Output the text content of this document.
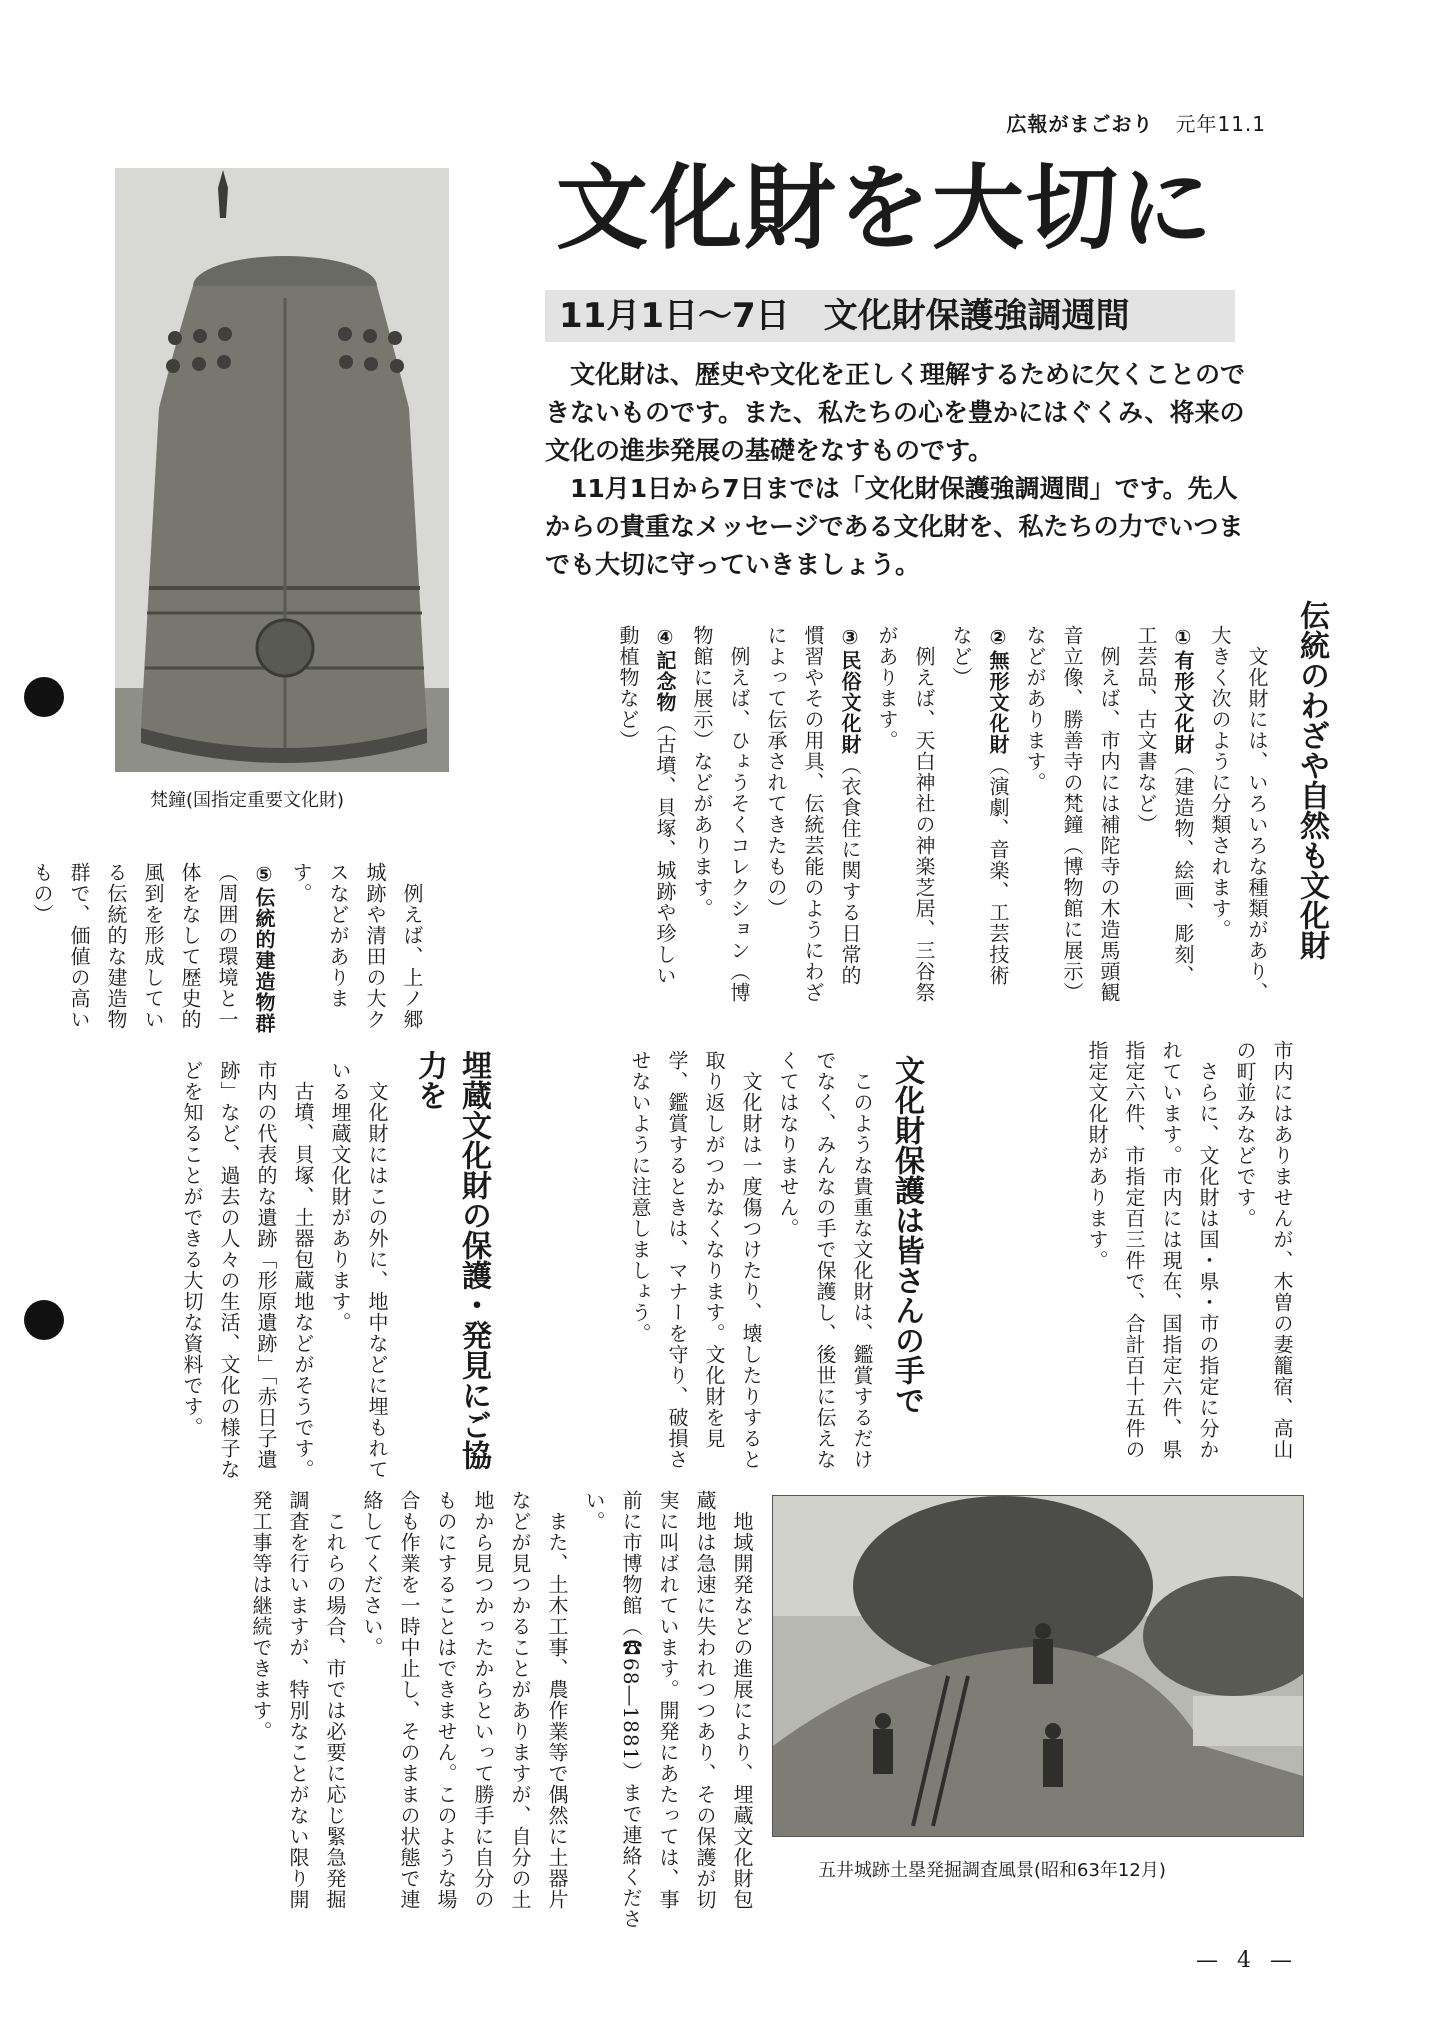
広報がまごおり 元年11.1
梵鐘(国指定重要文化財)
文化財を大切に
11月1日～7日　文化財保護強調週間

文化財は、歴史や文化を正しく理解するために欠くことのできないものです。また、私たちの心を豊かにはぐくみ、将来の文化の進歩発展の基礎をなすものです。

11月1日から7日までは「文化財保護強調週間」です。先人からの貴重なメッセージである文化財を、私たちの力でいつまでも大切に守っていきましょう。

伝統のわざや自然も文化財

　文化財には、いろいろな種類があり、大きく次のように分類されます。

①有形文化財（建造物、絵画、彫刻、工芸品、古文書など）

　例えば、市内には補陀寺の木造馬頭観音立像、勝善寺の梵鐘（博物館に展示）などがあります。

②無形文化財（演劇、音楽、工芸技術など）

　例えば、天白神社の神楽芝居、三谷祭があります。

③民俗文化財（衣食住に関する日常的慣習やその用具、伝統芸能のようにわざによって伝承されてきたもの）

　例えば、ひょうそくコレクション（博物館に展示）などがあります。

④記念物（古墳、貝塚、城跡や珍しい動植物など）

　例えば、上ノ郷城跡や清田の大クスなどがあります。

⑤伝統的建造物群（周囲の環境と一体をなして歴史的風到を形成している伝統的な建造物群で、価値の高いもの）

市内にはありませんが、木曽の妻籠宿、高山の町並みなどです。

　さらに、文化財は国・県・市の指定に分かれています。市内には現在、国指定六件、県指定六件、市指定百三件で、合計百十五件の指定文化財があります。

文化財保護は皆さんの手で

　このような貴重な文化財は、鑑賞するだけでなく、みんなの手で保護し、後世に伝えなくてはなりません。

　文化財は一度傷つけたり、壊したりすると取り返しがつかなくなります。文化財を見学、鑑賞するときは、マナーを守り、破損させないように注意しましょう。

埋蔵文化財の保護・発見にご協力を

　文化財にはこの外に、地中などに埋もれている埋蔵文化財があります。

　古墳、貝塚、土器包蔵地などがそうです。市内の代表的な遺跡「形原遺跡」「赤日子遺跡」など、過去の人々の生活、文化の様子などを知ることができる大切な資料です。

五井城跡土塁発掘調査風景(昭和63年12月)

　地域開発などの進展により、埋蔵文化財包蔵地は急速に失われつつあり、その保護が切実に叫ばれています。開発にあたっては、事前に市博物館（☎68―1881）まで連絡ください。

　また、土木工事、農作業等で偶然に土器片などが見つかることがありますが、自分の土地から見つかったからといって勝手に自分のものにすることはできません。このような場合も作業を一時中止し、そのままの状態で連絡してください。

　これらの場合、市では必要に応じ緊急発掘調査を行いますが、特別なことがない限り開発工事等は継続できます。

— 4 —
